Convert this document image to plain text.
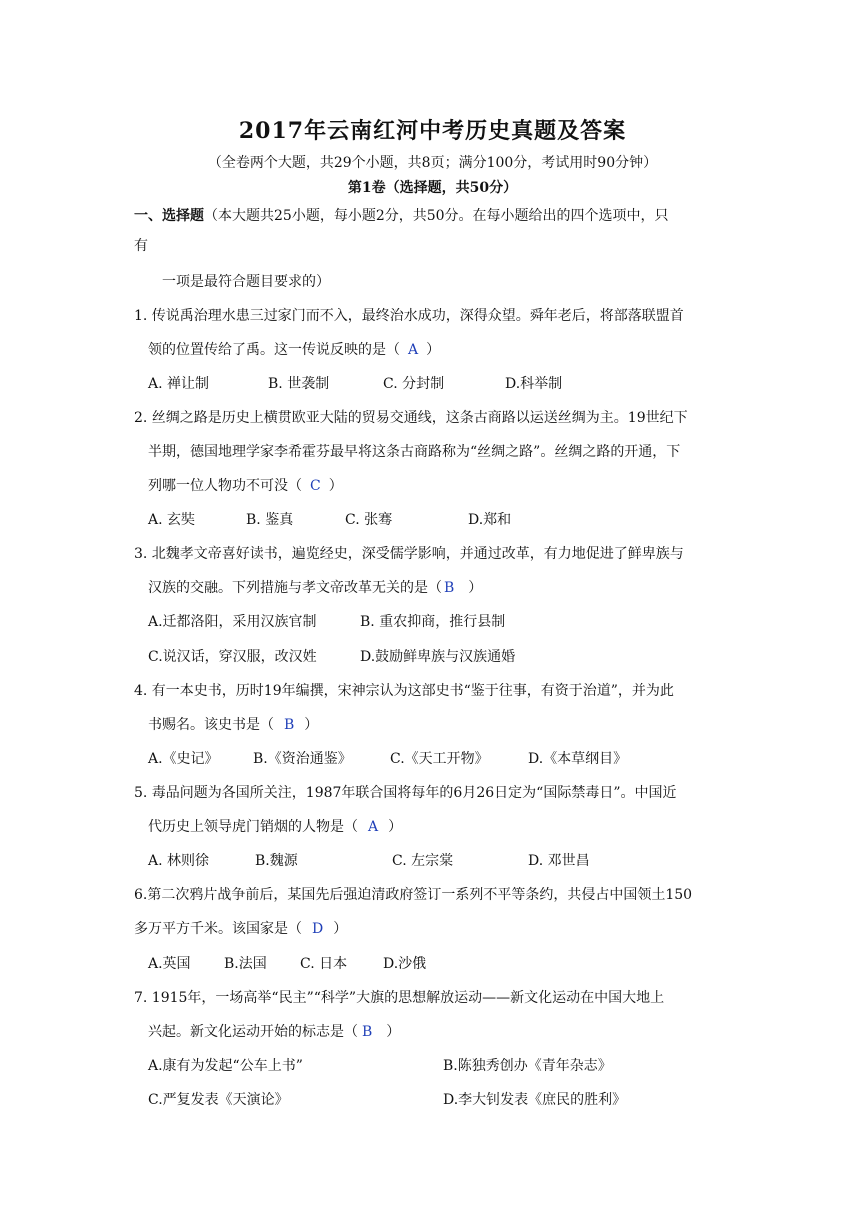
2017年云南红河中考历史真题及答案
（全卷两个大题，共29个小题，共8页；满分100分，考试用时90分钟）
第1卷（选择题，共50分）
一、选择题（本大题共25小题，每小题2分，共50分。在每小题给出的四个选项中，只
有
一项是最符合题目要求的）
1. 传说禹治理水患三过家门而不入，最终治水成功，深得众望。舜年老后，将部落联盟首
领的位置传给了禹。这一传说反映的是（ A ）
A. 禅让制	B. 世袭制	C. 分封制	D.科举制
2. 丝绸之路是历史上横贯欧亚大陆的贸易交通线，这条古商路以运送丝绸为主。19世纪下
半期，德国地理学家李希霍芬最早将这条古商路称为“丝绸之路”。丝绸之路的开通，下
列哪一位人物功不可没（ C ）
A. 玄奘	B. 鉴真	C. 张骞	D.郑和
3. 北魏孝文帝喜好读书，遍览经史，深受儒学影响，并通过改革，有力地促进了鲜卑族与
汉族的交融。下列措施与孝文帝改革无关的是（ B ）
A.迁都洛阳，采用汉族官制	B. 重农抑商，推行县制
C.说汉话，穿汉服，改汉姓	D.鼓励鲜卑族与汉族通婚
4. 有一本史书，历时19年编撰，宋神宗认为这部史书“鉴于往事，有资于治道”，并为此
书赐名。该史书是（ B ）
A.《史记》 B.《资治通鉴》	C.《天工开物》	D.《本草纲目》
5. 毒品问题为各国所关注，1987年联合国将每年的6月26日定为“国际禁毒日”。中国近
代历史上领导虎门销烟的人物是（ A ）
A. 林则徐	B.魏源	C. 左宗棠	D. 邓世昌
6.第二次鸦片战争前后，某国先后强迫清政府签订一系列不平等条约，共侵占中国领土150
多万平方千米。该国家是（ D ）
A.英国 B.法国 C. 日本	D.沙俄
7. 1915年，一场高举“民主”“科学”大旗的思想解放运动——新文化运动在中国大地上
兴起。新文化运动开始的标志是（ B ）
A.康有为发起“公车上书”	B.陈独秀创办《青年杂志》
C.严复发表《天演论》	D.李大钊发表《庶民的胜利》
